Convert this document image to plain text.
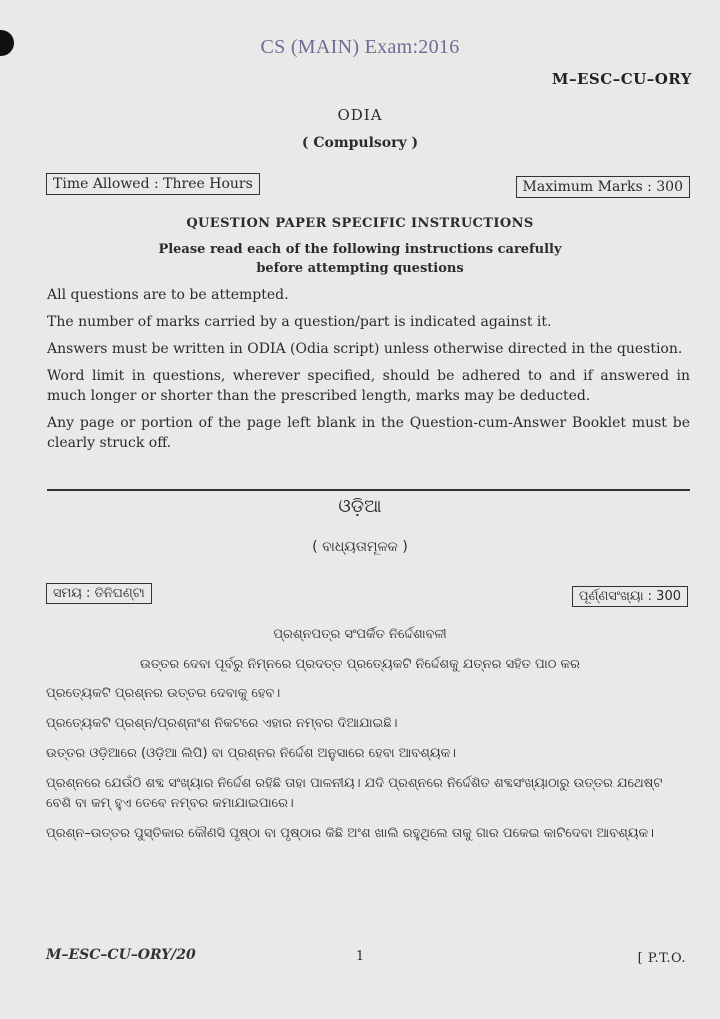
CS (MAIN) Exam:2016
M–ESC–CU–ORY
ODIA
( Compulsory )
Time Allowed : Three Hours	Maximum Marks : 300
QUESTION PAPER SPECIFIC INSTRUCTIONS
Please read each of the following instructions carefully
before attempting questions

All questions are to be attempted.

The number of marks carried by a question/part is indicated against it.

Answers must be written in ODIA (Odia script) unless otherwise directed in the question.

Word limit in questions, wherever specified, should be adhered to and if answered in much longer or shorter than the prescribed length, marks may be deducted.

Any page or portion of the page left blank in the Question-cum-Answer Booklet must be clearly struck off.

ଓଡ଼ିଆ
( ବାଧ୍ୟତାମୂଳକ )
ସମୟ : ତିନିଘଣ୍ଟା	ପୂର୍ଣ୍ଣସଂଖ୍ୟା : 300
ପ୍ରଶ୍ନପତ୍ର ସଂପର୍କିତ ନିର୍ଦ୍ଦେଶାବଳୀ
ଉତ୍ତର ଦେବା ପୂର୍ବରୁ ନିମ୍ନରେ ପ୍ରଦତ୍ତ ପ୍ରତ୍ୟେକଟି ନିର୍ଦ୍ଦେଶକୁ ଯତ୍ନର ସହିତ ପାଠ କର

ପ୍ରତ୍ୟେକଟି ପ୍ରଶ୍ନର ଉତ୍ତର ଦେବାକୁ ହେବ।

ପ୍ରତ୍ୟେକଟି ପ୍ରଶ୍ନ/ପ୍ରଶ୍ନାଂଶ ନିକଟରେ ଏହାର ନମ୍ବର ଦିଆଯାଇଛି।

ଉତ୍ତର ଓଡ଼ିଆରେ (ଓଡ଼ିଆ ଲିପି) ବା ପ୍ରଶ୍ନର ନିର୍ଦ୍ଦେଶ ଅନୁସାରେ ହେବା ଆବଶ୍ୟକ।

ପ୍ରଶ୍ନରେ ଯେଉଁଠି ଶବ୍ଦ ସଂଖ୍ୟାର ନିର୍ଦ୍ଦେଶ ରହିଛି ତାହା ପାଳନୀୟ। ଯଦି ପ୍ରଶ୍ନରେ ନିର୍ଦ୍ଦେଶିତ ଶବ୍ଦସଂଖ୍ୟାଠାରୁ ଉତ୍ତର ଯଥେଷ୍ଟ ବେଶି ବା କମ୍ ହୁଏ ତେବେ ନମ୍ବର କମାଯାଇପାରେ।

ପ୍ରଶ୍ନ–ଉତ୍ତର ପୁସ୍ତିକାର କୌଣସି ପୃଷ୍ଠା ବା ପୃଷ୍ଠାର କିଛି ଅଂଶ ଖାଲି ରହୁଥିଲେ ତାକୁ ଗାର ପକେଇ କାଟିଦେବା ଆବଶ୍ୟକ।

M–ESC–CU–ORY/20	1	[ P.T.O.
